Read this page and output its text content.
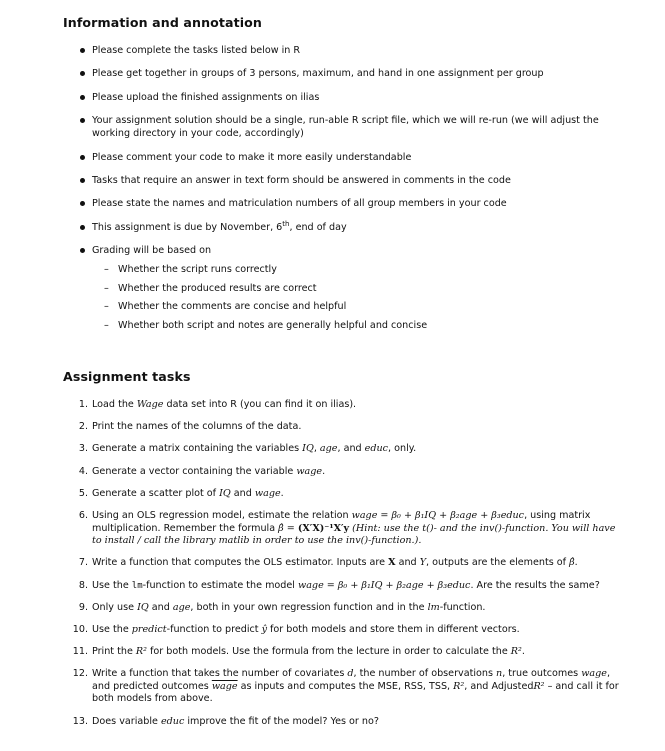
Information and annotation
Please complete the tasks listed below in R
Please get together in groups of 3 persons, maximum, and hand in one assignment per group
Please upload the finished assignments on ilias
Your assignment solution should be a single, run-able R script file, which we will re-run (we will adjust the working directory in your code, accordingly)
Please comment your code to make it more easily understandable
Tasks that require an answer in text form should be answered in comments in the code
Please state the names and matriculation numbers of all group members in your code
This assignment is due by November, 6th, end of day
Grading will be based on
– Whether the script runs correctly
– Whether the produced results are correct
– Whether the comments are concise and helpful
– Whether both script and notes are generally helpful and concise
Assignment tasks
1. Load the Wage data set into R (you can find it on ilias).
2. Print the names of the columns of the data.
3. Generate a matrix containing the variables IQ, age, and educ, only.
4. Generate a vector containing the variable wage.
5. Generate a scatter plot of IQ and wage.
6. Using an OLS regression model, estimate the relation wage = β₀ + β₁IQ + β₂age + β₃educ, using matrix multiplication. Remember the formula β̂ = (X′X)⁻¹X′y (Hint: use the t()- and the inv()-function. You will have to install / call the library matlib in order to use the inv()-function.).
7. Write a function that computes the OLS estimator. Inputs are X and Y, outputs are the elements of β̂.
8. Use the lm-function to estimate the model wage = β₀ + β₁IQ + β₂age + β₃educ. Are the results the same?
9. Only use IQ and age, both in your own regression function and in the lm-function.
10. Use the predict-function to predict ŷ for both models and store them in different vectors.
11. Print the R² for both models. Use the formula from the lecture in order to calculate the R².
12. Write a function that takes the number of covariates d, the number of observations n, true outcomes wage, and predicted outcomes wage as inputs and computes the MSE, RSS, TSS, R², and AdjustedR² – and call it for both models from above.
13. Does variable educ improve the fit of the model? Yes or no?
